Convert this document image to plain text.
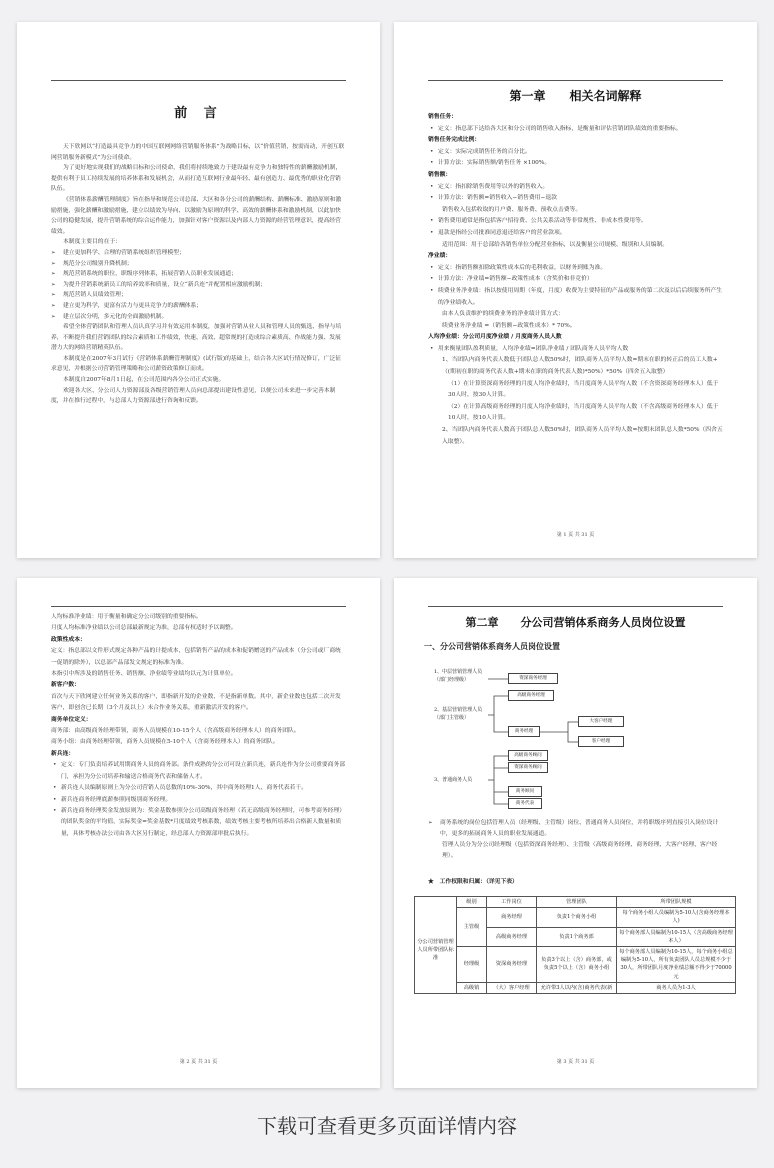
前 言

天下欣网以“打造最具竞争力的中国互联网网络营销服务体系”为战略目标，以“价值营销，按需而动，开创互联网营销服务新模式”为公司使命。

为了更好地实现我们的战略目标和公司使命，我们将持续地致力于建设最有竞争力和独特性的薪酬激励机制，提供有利于员工持续发展的培养体系和发展机会，从而打造互联网行业最年轻、最有创造力、最优秀的职业化营销队伍。

《营销体系薪酬管理制度》旨在指导和规范公司总部、大区和各分公司的薪酬结构、薪酬标准、激励原则和激励措施，强化薪酬和激励措施，建立以绩效为导向、以激励为原则的科学、高效的薪酬体系和激励机制，以此加快公司的稳健发展，提升营销系统的综合运作能力，加强针对客户资源以及内部人力资源的经营管理意识，提高经营绩效。

本制度主要目的在于：

➢ 建立更加科学、合理的营销系统组织管理模型；

➢ 规范分公司级别升降机制；

➢ 规范营销系统的职位，职级序列体系，拓展营销人员职业发展通道；

➢ 为提升营销系统新员工的培养效率和质量，设立“新兵连”并配置相应激励机制；

➢ 规范营销人员绩效管理；

➢ 建立更为科学，更富有活力与更具竞争力的薪酬体系；

➢ 建立层次分明，多元化的全面激励机制。

希望全体营销团队和管理人员认真学习并有效运用本制度，加强对营销从业人员和管理人员的甄选、指导与培养，不断提升我们营销团队的综合素质和工作绩效，快速、高效、超常规的打造成综合素质高、作战能力强、发展潜力大的网络营销精英队伍。

本制度是在2007年3月试行《营销体系薪酬管理制度》(试行版)的基础上，结合各大区试行情况修订，广泛征求意见，并根据公司营销管理策略和公司薪资政策修订而成。

本制度自2007年8月1日起，在公司范围内各分公司正式实施。

欢迎各大区、分公司人力资源部及各级营销管理人员向总部提出建设性意见，以便公司未来进一步完善本制度，并在推行过程中，与总部人力资源部进行咨询和反馈。

第一章　　相关名词解释

销售任务：

• 定义：指总部下达给各大区和分公司的销售收入指标，是衡量和评估营销团队绩效的重要指标。

销售任务完成比例：

• 定义：实际完成销售任务的百分比。

• 计算方法：实际销售额/销售任务 ×100%。

销售额：

• 定义：指扣除销售费用等以外的销售收入。

• 计算方法：销售额=销售收入−销售费用−退款

销售收入包括收取的月户费、服务费、预收点击费等。

• 销售费用通常是指包括客户招待费、公共关系活动等非常规性、非成本性费用等。

• 退款是指经公司批准同意退还给客户的营业款项。

适用范围：用于总部给各销售单位分配营业指标，以及衡量公司规模、级别和人员编制。

净业绩：

• 定义：指销售额扣除政策性成本后的毛利收益，以财务到账为准。

• 计算方法：净业绩=销售额−政策性成本（含奖价和非竞价）

• 续费业务净业绩：指以按使用周期（年度，月度）收费为主要特征的产品或服务的第二次及以后后续服务所产生的净业绩收入。

由本人负责维护的续费业务的净业绩计算方式：

续费业务净业绩 =（销售额−政策性成本）* 70%。

人均净业绩：分公司月度净业绩 / 月度商务人员人数

• 用来衡量团队盈利质量，人均净业绩=团队净业绩 / 团队商务人员平均人数

1、当团队内商务代表人数低于团队总人数50%时，团队商务人员平均人数=期末在职的转正后的员工人数+（(期初在职的商务代表人数+期末在职的商务代表人数)*50%）*50%（四舍五入取整）

（1）在计算资深商务经理的月度人均净业绩时，当月度商务人员平均人数（不含资深商务经理本人）低于30人时，按30人计算。

（2）在计算高级商务经理的月度人均净业绩时，当月度商务人员平均人数（不含高级商务经理本人）低于10人时，按10人计算。

2、当团队内商务代表人数高于团队总人数50%时，团队商务人员平均人数=按期末团队总人数*50%（四舍五入取整）。

第 1 页 共 31 页

人均标准净业绩：用于衡量和确定分公司级别的重要指标。

月度人均标准净业绩以公司总部最新规定为准，总部有权适时予以调整。

政策性成本：

定义：指总部以文件形式规定各种产品的计提成本，包括销售产品的成本和促销赠送的产品成本（分公司或厂商统一促销的除外），以总部产品部发文规定的标准为准。

本指引中所涉及的销售任务、销售额、净业绩等业绩均以元为计算单位。

新客户数：

首次与天下欣网建立任何业务关系的客户，即指新开发的企业数，不是指新单数。其中，新企业数也包括二次开发客户，即创含已长期（3个月及以上）未合作业务关系，重新激活开发的客户。

商务单位定义：

商务部：由高级商务经理带领，商务人员规模在10-15个人（含高级商务经理本人）的商务团队。

商务小组：由商务经理带领，商务人员规模在5-10个人（含商务经理本人）的商务团队。

新兵连：

• 定义：专门负责培养试用期商务人员的商务部。条件成熟的分公司可设立新兵连，新兵连作为分公司重要商务部门，承担为分公司培养和输送合格商务代表和储备人才。

• 新兵连人员编制原则上为分公司营销人员总数的10%-30%，其中商务经理1人、商务代表若干。

• 新兵连商务经理底薪参照同级别商务经理。

• 新兵连商务经理奖金发放原则为：奖金基数参照分公司高级商务经理（若无高级商务经理时，可参考商务经理）的团队奖金的平均值，实际奖金=奖金基数*月度绩效考核系数，绩效考核主要考核所培养出合格新人数量和质量，具体考核办法公司由各大区另行制定，经总部人力资源部审批后执行。

第 2 页 共 31 页
第二章　　分公司营销体系商务人员岗位设置
一、分公司营销体系商务人员岗位设置
1、中层营销管理人员（部门经理级）	资深商务经理
2、基层营销管理人员（部门主管级）
高级商务经理
商务经理
大客户经理
客户经理
3、普通商务人员
高级商务顾问
资深商务顾问
商务顾问
商务代表

➢ 商务系统的岗位包括管理人员（经理级、主管级）岗位、普通商务人员岗位，并将职级序列直接引入岗位设计中，更多的拓展商务人员的职业发展通道。

管理人员分为分公司经理级（包括资深商务经理）、主管级（高级商务经理、商务经理、大客户经理、客户经理）。

★　工作权限和归属：（详见下表）
	级别	工作岗位	管理团队	所带团队规模
分公司营销管理人员所带团队标准	主管级	商务经理	负责1个商务小组	每个商务小组人员编制为5-10人(含商务经理本人)
		高级商务经理	负责1个商务部	每个商务部人员编制为10-15人（含高级商务经理本人）
	经理级	资深商务经理	负责3个以上（含）商务部，或负责5个以上（含）商务小组	每个商务部人员编制为10-15人，每个商务小组总编制为5-10人，所有负责团队人员总规模不少于30人，所带团队月度净业绩总额不得少于70000元
	高级销	（大）客户经理	允许带3人以内(含)商务代表(新	商务人员为1-3人
第 3 页 共 31 页
下载可查看更多页面详情内容
